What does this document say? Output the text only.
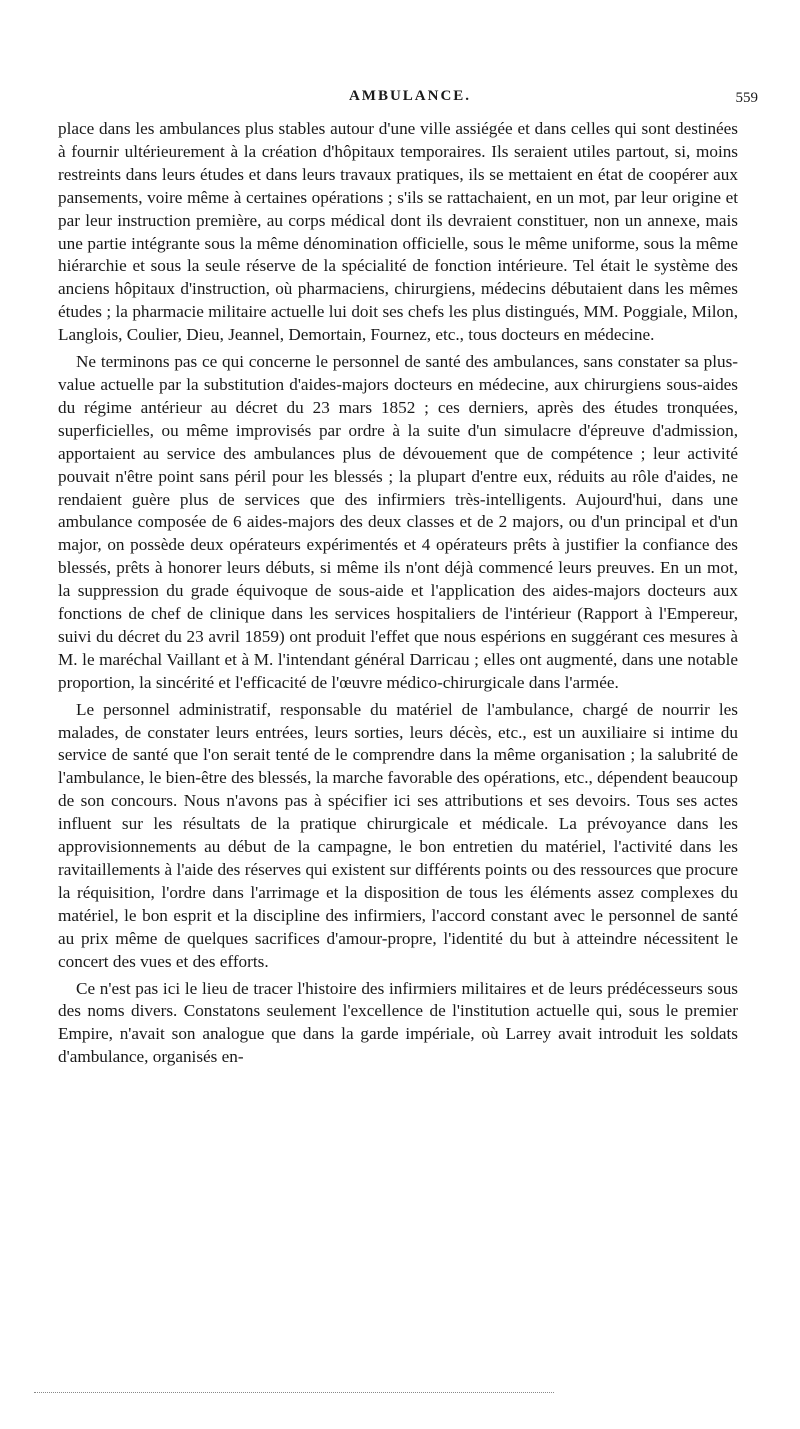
AMBULANCE.	559

place dans les ambulances plus stables autour d'une ville assiégée et dans celles qui sont destinées à fournir ultérieurement à la création d'hôpitaux temporaires. Ils seraient utiles partout, si, moins restreints dans leurs études et dans leurs travaux pratiques, ils se mettaient en état de coopérer aux pansements, voire même à certaines opérations ; s'ils se rattachaient, en un mot, par leur origine et par leur instruction première, au corps médical dont ils devraient constituer, non un annexe, mais une partie intégrante sous la même dénomination officielle, sous le même uniforme, sous la même hiérarchie et sous la seule réserve de la spécialité de fonction intérieure. Tel était le système des anciens hôpitaux d'instruction, où pharmaciens, chirurgiens, médecins débutaient dans les mêmes études ; la pharmacie militaire actuelle lui doit ses chefs les plus distingués, MM. Poggiale, Milon, Langlois, Coulier, Dieu, Jeannel, Demortain, Fournez, etc., tous docteurs en médecine.

Ne terminons pas ce qui concerne le personnel de santé des ambulances, sans constater sa plus-value actuelle par la substitution d'aides-majors docteurs en médecine, aux chirurgiens sous-aides du régime antérieur au décret du 23 mars 1852 ; ces derniers, après des études tronquées, superficielles, ou même improvisés par ordre à la suite d'un simulacre d'épreuve d'admission, apportaient au service des ambulances plus de dévouement que de compétence ; leur activité pouvait n'être point sans péril pour les blessés ; la plupart d'entre eux, réduits au rôle d'aides, ne rendaient guère plus de services que des infirmiers très-intelligents. Aujourd'hui, dans une ambulance composée de 6 aides-majors des deux classes et de 2 majors, ou d'un principal et d'un major, on possède deux opérateurs expérimentés et 4 opérateurs prêts à justifier la confiance des blessés, prêts à honorer leurs débuts, si même ils n'ont déjà commencé leurs preuves. En un mot, la suppression du grade équivoque de sous-aide et l'application des aides-majors docteurs aux fonctions de chef de clinique dans les services hospitaliers de l'intérieur (Rapport à l'Empereur, suivi du décret du 23 avril 1859) ont produit l'effet que nous espérions en suggérant ces mesures à M. le maréchal Vaillant et à M. l'intendant général Darricau ; elles ont augmenté, dans une notable proportion, la sincérité et l'efficacité de l'œuvre médico-chirurgicale dans l'armée.

Le personnel administratif, responsable du matériel de l'ambulance, chargé de nourrir les malades, de constater leurs entrées, leurs sorties, leurs décès, etc., est un auxiliaire si intime du service de santé que l'on serait tenté de le comprendre dans la même organisation ; la salubrité de l'ambulance, le bien-être des blessés, la marche favorable des opérations, etc., dépendent beaucoup de son concours. Nous n'avons pas à spécifier ici ses attributions et ses devoirs. Tous ses actes influent sur les résultats de la pratique chirurgicale et médicale. La prévoyance dans les approvisionnements au début de la campagne, le bon entretien du matériel, l'activité dans les ravitaillements à l'aide des réserves qui existent sur différents points ou des ressources que procure la réquisition, l'ordre dans l'arrimage et la disposition de tous les éléments assez complexes du matériel, le bon esprit et la discipline des infirmiers, l'accord constant avec le personnel de santé au prix même de quelques sacrifices d'amour-propre, l'identité du but à atteindre nécessitent le concert des vues et des efforts.

Ce n'est pas ici le lieu de tracer l'histoire des infirmiers militaires et de leurs prédécesseurs sous des noms divers. Constatons seulement l'excellence de l'institution actuelle qui, sous le premier Empire, n'avait son analogue que dans la garde impériale, où Larrey avait introduit les soldats d'ambulance, organisés en-
